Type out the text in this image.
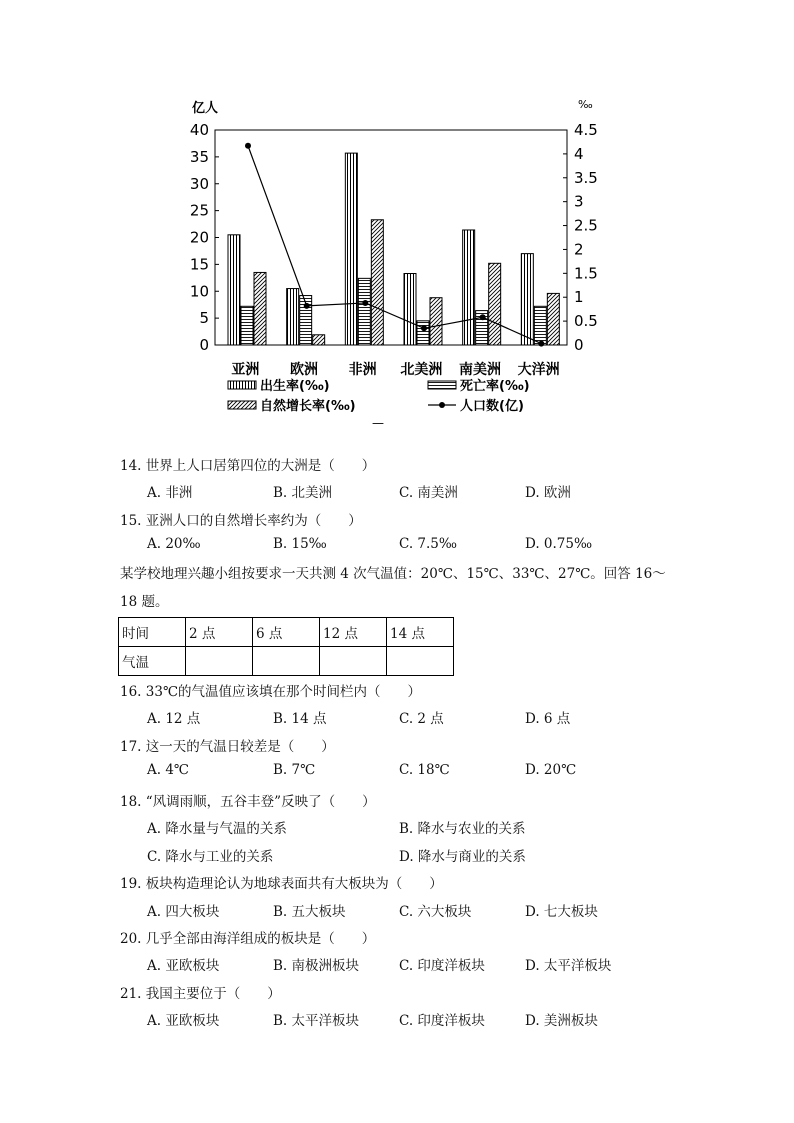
亿人	‰
0
5
10
15
20
25
30
35
40
0
0.5
1
1.5
2
2.5
3
3.5
4
4.5
亚洲 欧洲 非洲 北美洲 南美洲 大洋洲
出生率(‰)	死亡率(‰)
自然增长率(‰)	人口数(亿)
—
14. 世界上人口居第四位的大洲是（　　）
A. 非洲	B. 北美洲	C. 南美洲	D. 欧洲
15. 亚洲人口的自然增长率约为（　　）
A. 20‰	B. 15‰	C. 7.5‰	D. 0.75‰
某学校地理兴趣小组按要求一天共测 4 次气温值：20℃、15℃、33℃、27℃。回答 16～18 题。
时间	2 点	6 点	12 点	14 点
气温				
16. 33℃的气温值应该填在那个时间栏内（　　）
A. 12 点	B. 14 点	C. 2 点	D. 6 点
17. 这一天的气温日较差是（　　）
A. 4℃	B. 7℃	C. 18℃	D. 20℃
18. “风调雨顺，五谷丰登”反映了（　　）
A. 降水量与气温的关系	B. 降水与农业的关系
C. 降水与工业的关系	D. 降水与商业的关系
19. 板块构造理论认为地球表面共有大板块为（　　）
A. 四大板块	B. 五大板块	C. 六大板块	D. 七大板块
20. 几乎全部由海洋组成的板块是（　　）
A. 亚欧板块	B. 南极洲板块	C. 印度洋板块	D. 太平洋板块
21. 我国主要位于（　　）
A. 亚欧板块	B. 太平洋板块	C. 印度洋板块	D. 美洲板块
